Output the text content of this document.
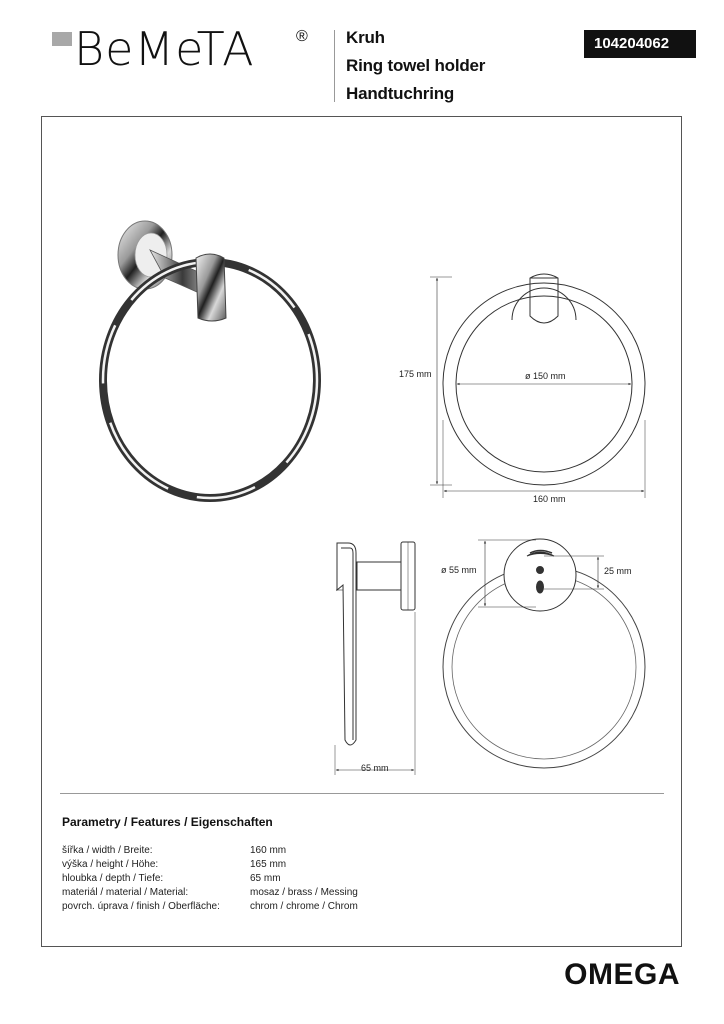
BeMeTA	® Kruh
Ring towel holder
Handtuchring
104204062
175 mm	ø 150 mm
160 mm
65 mm
ø 55 mm	25 mm
Parametry / Features / Eigenschaften
šířka / width / Breite:	160 mm
výška / height / Höhe:	165 mm
hloubka / depth / Tiefe:	65 mm
materiál / material / Material:	mosaz / brass / Messing
povrch. úprava / finish / Oberfläche:	chrom / chrome / Chrom
OMEGA
